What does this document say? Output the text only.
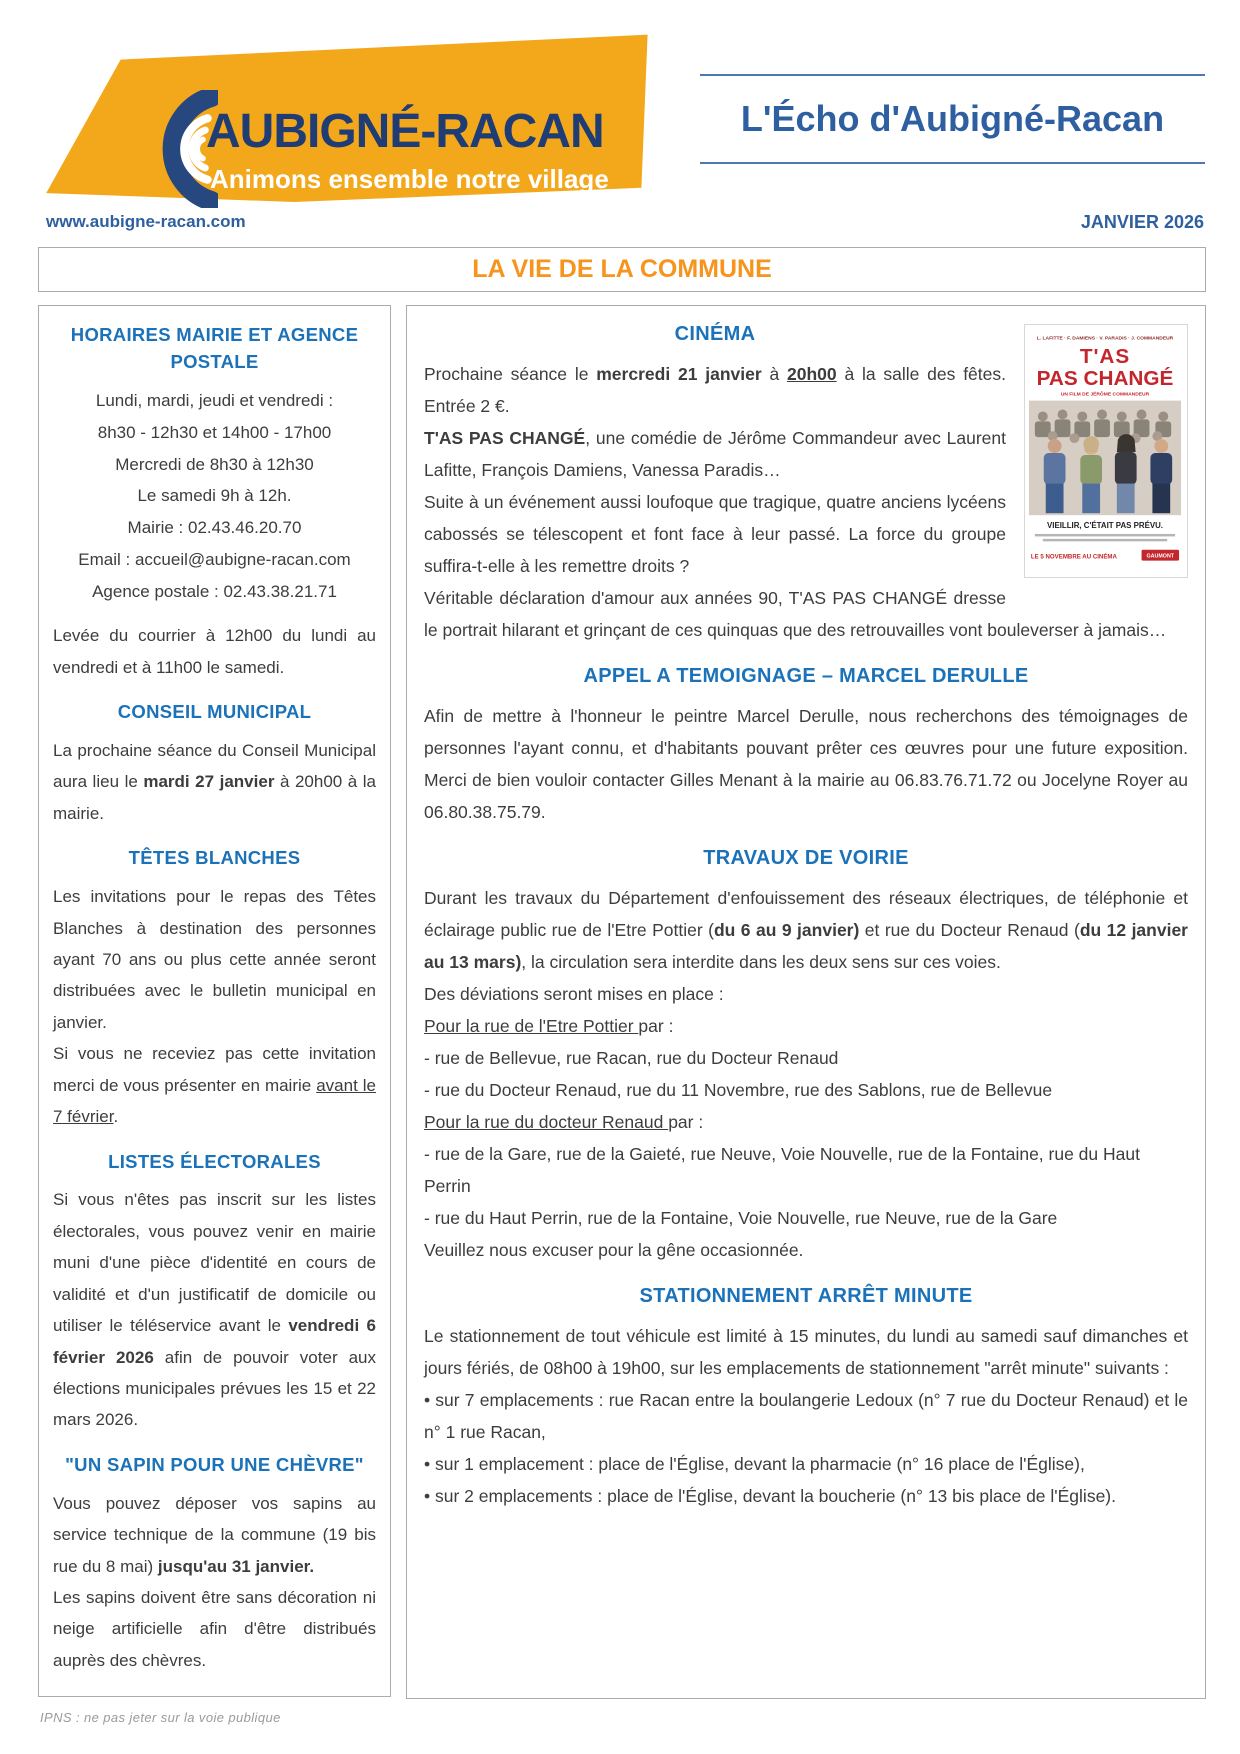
AUBIGNÉ-RACAN
Animons ensemble notre village
L'Écho d'Aubigné-Racan
www.aubigne-racan.com	JANVIER 2026
LA VIE DE LA COMMUNE
HORAIRES MAIRIE ET AGENCE POSTALE
Lundi, mardi, jeudi et vendredi :
8h30 - 12h30 et 14h00 - 17h00
Mercredi de 8h30 à 12h30
Le samedi 9h à 12h.
Mairie : 02.43.46.20.70
Email : accueil@aubigne-racan.com
Agence postale : 02.43.38.21.71

Levée du courrier à 12h00 du lundi au vendredi et à 11h00 le samedi.

CONSEIL MUNICIPAL

La prochaine séance du Conseil Municipal aura lieu le mardi 27 janvier à 20h00 à la mairie.

TÊTES BLANCHES

Les invitations pour le repas des Têtes Blanches à destination des personnes ayant 70 ans ou plus cette année seront distribuées avec le bulletin municipal en janvier.

Si vous ne receviez pas cette invitation merci de vous présenter en mairie avant le 7 février.

LISTES ÉLECTORALES

Si vous n'êtes pas inscrit sur les listes électorales, vous pouvez venir en mairie muni d'une pièce d'identité en cours de validité et d'un justificatif de domicile ou utiliser le téléservice avant le vendredi 6 février 2026 afin de pouvoir voter aux élections municipales prévues les 15 et 22 mars 2026.

"UN SAPIN POUR UNE CHÈVRE"

Vous pouvez déposer vos sapins au service technique de la commune (19 bis rue du 8 mai) jusqu'au 31 janvier.

Les sapins doivent être sans décoration ni neige artificielle afin d'être distribués auprès des chèvres.

L. LAFITTE · F. DAMIENS · V. PARADIS · J. COMMANDEUR
T'AS
PAS CHANGÉ
UN FILM DE JÉRÔME COMMANDEUR
VIEILLIR, C'ÉTAIT PAS PRÉVU.
LE 5 NOVEMBRE AU CINÉMA	GAUMONT
CINÉMA

Prochaine séance le mercredi 21 janvier à 20h00 à la salle des fêtes. Entrée 2 €.

T'AS PAS CHANGÉ, une comédie de Jérôme Commandeur avec Laurent Lafitte, François Damiens, Vanessa Paradis…

Suite à un événement aussi loufoque que tragique, quatre anciens lycéens cabossés se télescopent et font face à leur passé. La force du groupe suffira-t-elle à les remettre droits ?

Véritable déclaration d'amour aux années 90, T'AS PAS CHANGÉ dresse le portrait hilarant et grinçant de ces quinquas que des retrouvailles vont bouleverser à jamais…

APPEL A TEMOIGNAGE – MARCEL DERULLE

Afin de mettre à l'honneur le peintre Marcel Derulle, nous recherchons des témoignages de personnes l'ayant connu, et d'habitants pouvant prêter ces œuvres pour une future exposition. Merci de bien vouloir contacter Gilles Menant à la mairie au 06.83.76.71.72 ou Jocelyne Royer au 06.80.38.75.79.

TRAVAUX DE VOIRIE

Durant les travaux du Département d'enfouissement des réseaux électriques, de téléphonie et éclairage public rue de l'Etre Pottier (du 6 au 9 janvier) et rue du Docteur Renaud (du 12 janvier au 13 mars), la circulation sera interdite dans les deux sens sur ces voies.

Des déviations seront mises en place :

Pour la rue de l'Etre Pottier par :

- rue de Bellevue, rue Racan, rue du Docteur Renaud

- rue du Docteur Renaud, rue du 11 Novembre, rue des Sablons, rue de Bellevue

Pour la rue du docteur Renaud par :

- rue de la Gare, rue de la Gaieté, rue Neuve, Voie Nouvelle, rue de la Fontaine, rue du Haut Perrin

- rue du Haut Perrin, rue de la Fontaine, Voie Nouvelle, rue Neuve, rue de la Gare

Veuillez nous excuser pour la gêne occasionnée.

STATIONNEMENT ARRÊT MINUTE

Le stationnement de tout véhicule est limité à 15 minutes, du lundi au samedi sauf dimanches et jours fériés, de 08h00 à 19h00, sur les emplacements de stationnement "arrêt minute" suivants :

• sur 7 emplacements : rue Racan entre la boulangerie Ledoux (n° 7 rue du Docteur Renaud) et le n° 1 rue Racan,

• sur 1 emplacement : place de l'Église, devant la pharmacie (n° 16 place de l'Église),

• sur 2 emplacements : place de l'Église, devant la boucherie (n° 13 bis place de l'Église).

IPNS : ne pas jeter sur la voie publique
